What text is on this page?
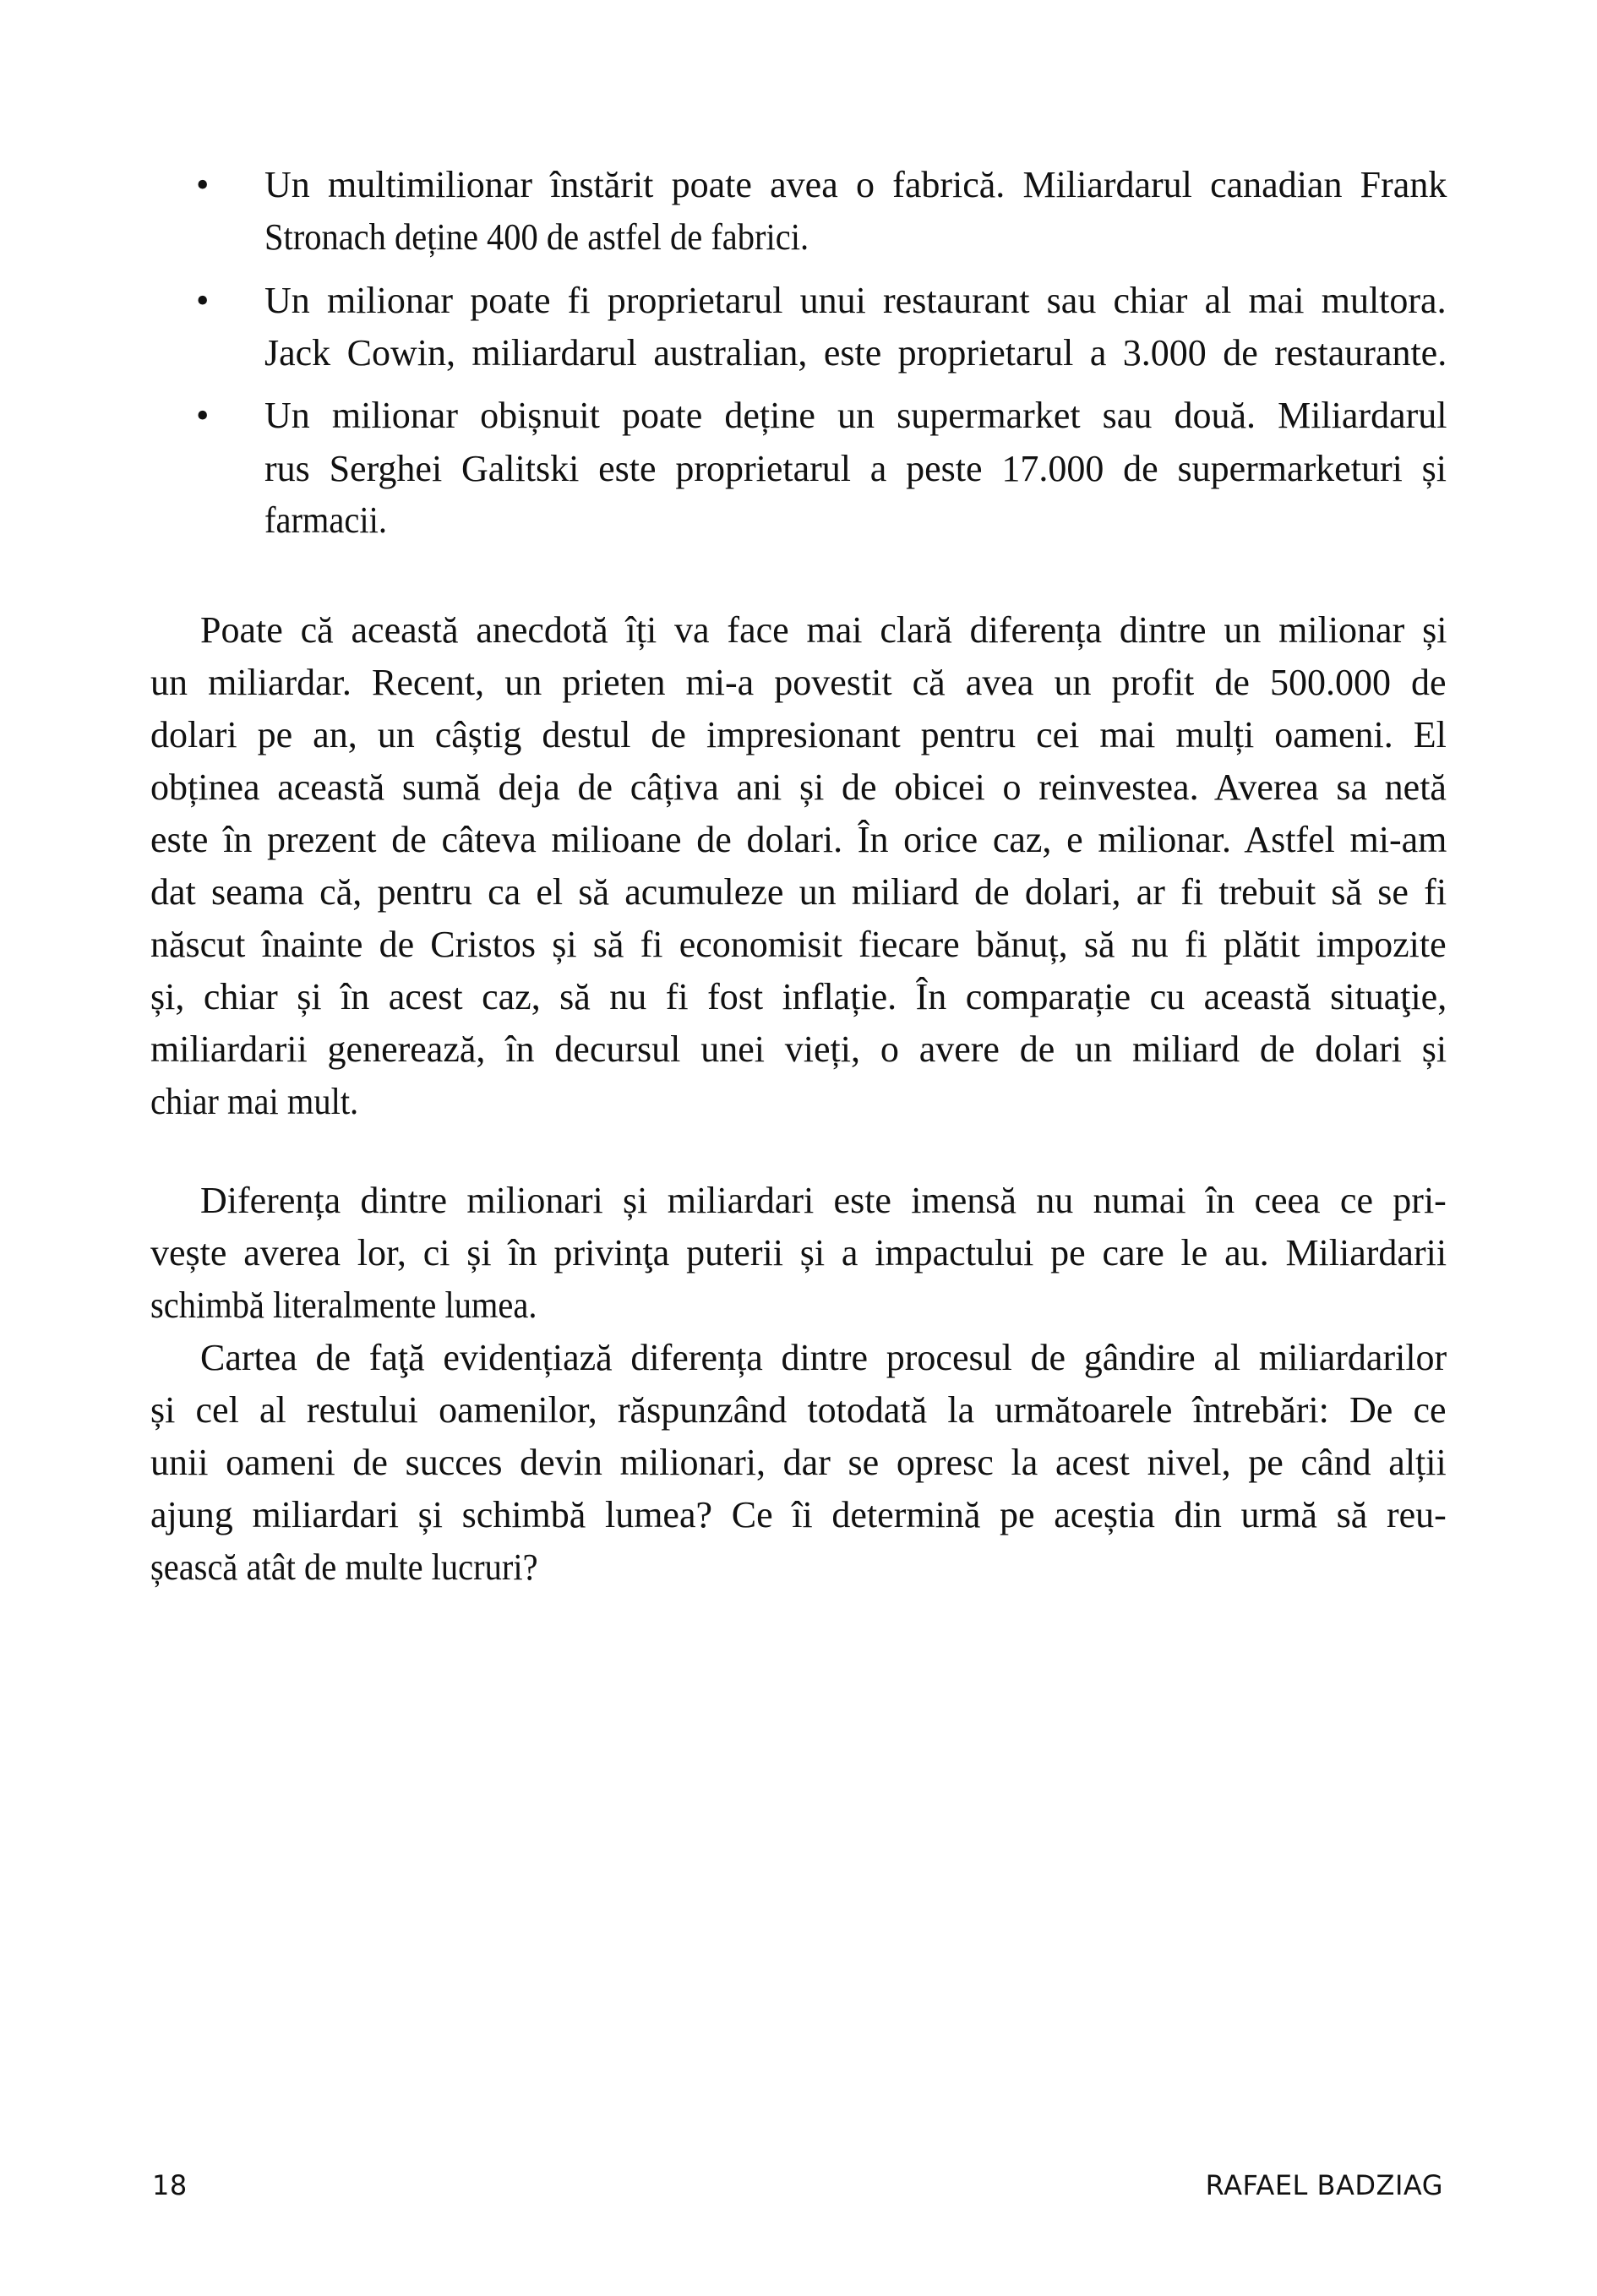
• Un multimilionar înstărit poate avea o fabrică. Miliardarul canadian Frank
Stronach deține 400 de astfel de fabrici.
• Un milionar poate fi proprietarul unui restaurant sau chiar al mai multora.
Jack Cowin, miliardarul australian, este proprietarul a 3.000 de restaurante.
• Un milionar obișnuit poate deține un supermarket sau două. Miliardarul
rus Serghei Galitski este proprietarul a peste 17.000 de supermarketuri și
farmacii.
Poate că această anecdotă îți va face mai clară diferența dintre un milionar și
un miliardar. Recent, un prieten mi-a povestit că avea un profit de 500.000 de
dolari pe an, un câștig destul de impresionant pentru cei mai mulți oameni. El
obținea această sumă deja de câțiva ani și de obicei o reinvestea. Averea sa netă
este în prezent de câteva milioane de dolari. În orice caz, e milionar. Astfel mi-am
dat seama că, pentru ca el să acumuleze un miliard de dolari, ar fi trebuit să se fi
născut înainte de Cristos și să fi economisit fiecare bănuț, să nu fi plătit impozite
și, chiar și în acest caz, să nu fi fost inflație. În comparație cu această situaţie,
miliardarii generează, în decursul unei vieți, o avere de un miliard de dolari și
chiar mai mult.
Diferența dintre milionari și miliardari este imensă nu numai în ceea ce pri-
vește averea lor, ci și în privinţa puterii și a impactului pe care le au. Miliardarii
schimbă literalmente lumea.
Cartea de faţă evidențiază diferența dintre procesul de gândire al miliardarilor
și cel al restului oamenilor, răspunzând totodată la următoarele întrebări: De ce
unii oameni de succes devin milionari, dar se opresc la acest nivel, pe când alții
ajung miliardari și schimbă lumea? Ce îi determină pe aceștia din urmă să reu-
șească atât de multe lucruri?
18	RAFAEL BADZIAG
